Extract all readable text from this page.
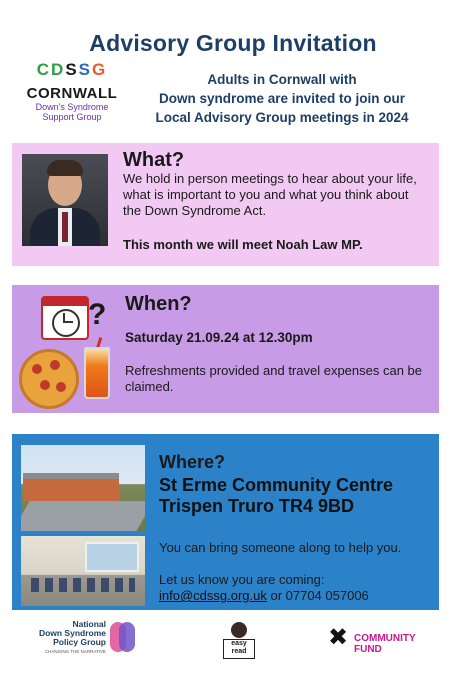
Advisory Group Invitation
CDSSG
CORNWALL
Down's Syndrome
Support Group
Adults in Cornwall with
Down syndrome are invited to join our
Local Advisory Group meetings in 2024
What?
We hold in person meetings to hear about your life, what is important to you and what you think about the Down Syndrome Act.
This month we will meet Noah Law MP.
? When?
Saturday 21.09.24 at 12.30pm
Refreshments provided and travel expenses can be claimed.
Where?
St Erme Community Centre
Trispen Truro TR4 9BD
You can bring someone along to help you.
Let us know you are coming:
info@cdssg.org.uk or 07704 057006
National
Down Syndrome
Policy Group
CHANGING THE NARRATIVE
easy
read
✖ COMMUNITY
FUND
